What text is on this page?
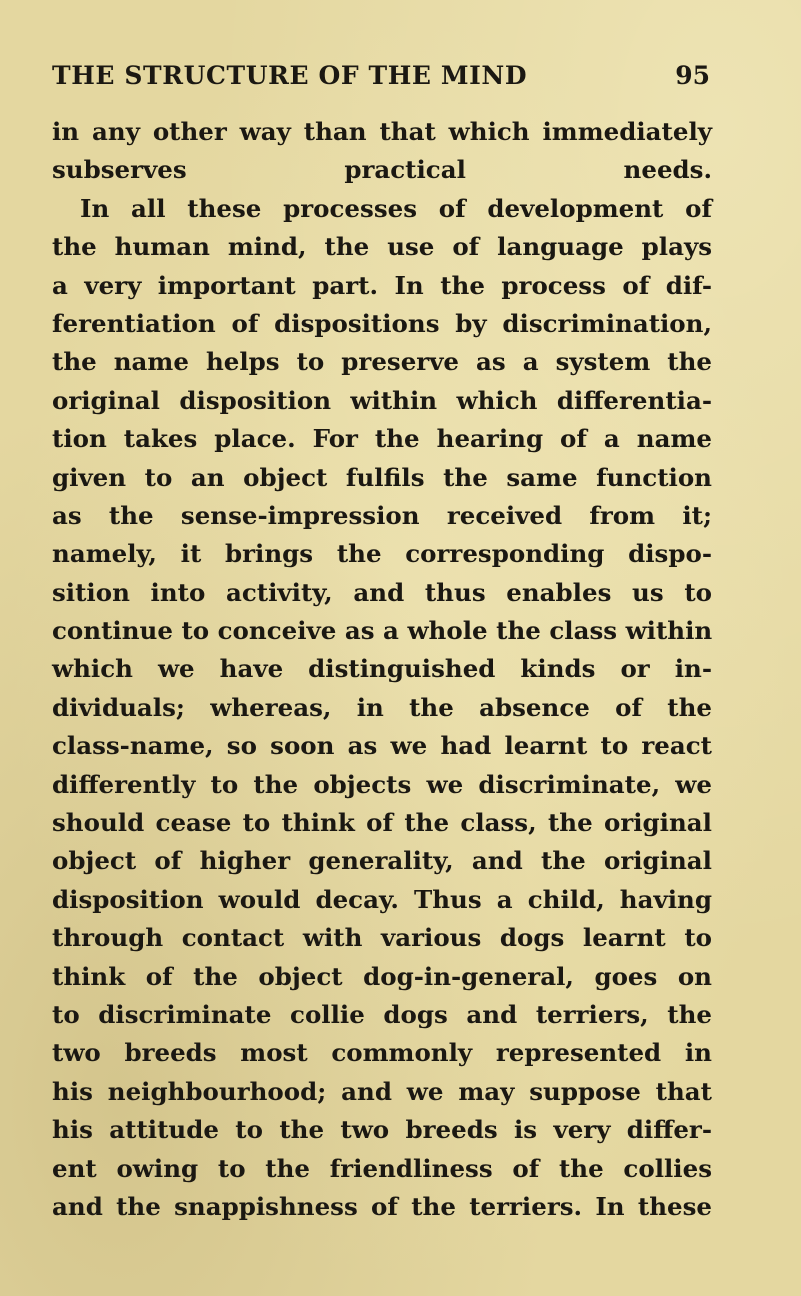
THE STRUCTURE OF THE MIND	95
in any other way than that which immediately
subserves practical needs.
In all these processes of development of
the human mind, the use of language plays
a very important part. In the process of dif-
ferentiation of dispositions by discrimination,
the name helps to preserve as a system the
original disposition within which differentia-
tion takes place. For the hearing of a name
given to an object fulfils the same function
as the sense-impression received from it;
namely, it brings the corresponding dispo-
sition into activity, and thus enables us to
continue to conceive as a whole the class within
which we have distinguished kinds or in-
dividuals; whereas, in the absence of the
class-name, so soon as we had learnt to react
differently to the objects we discriminate, we
should cease to think of the class, the original
object of higher generality, and the original
disposition would decay. Thus a child, having
through contact with various dogs learnt to
think of the object dog-in-general, goes on
to discriminate collie dogs and terriers, the
two breeds most commonly represented in
his neighbourhood; and we may suppose that
his attitude to the two breeds is very differ-
ent owing to the friendliness of the collies
and the snappishness of the terriers. In these
